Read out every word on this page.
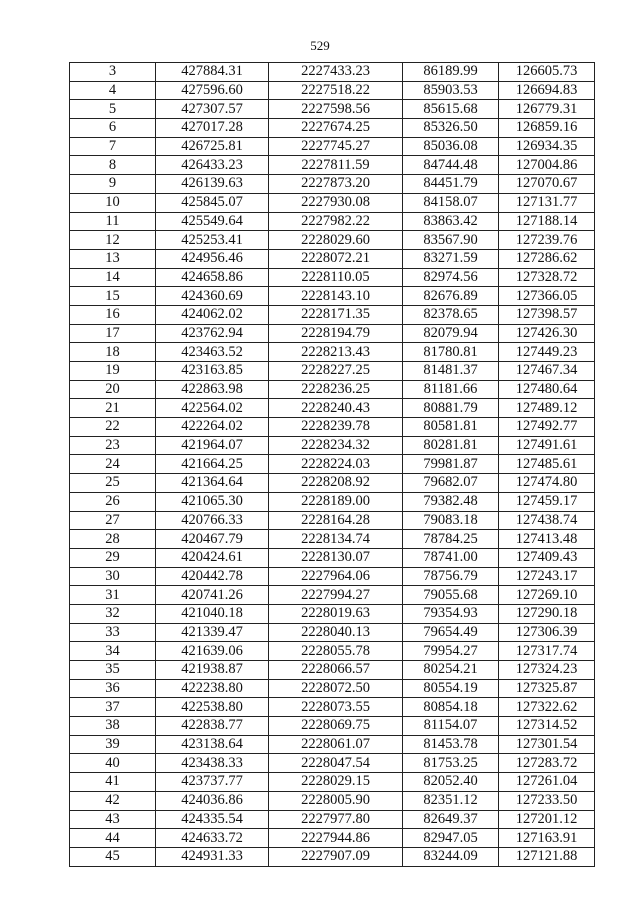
529
3	427884.31	2227433.23	86189.99	126605.73
4	427596.60	2227518.22	85903.53	126694.83
5	427307.57	2227598.56	85615.68	126779.31
6	427017.28	2227674.25	85326.50	126859.16
7	426725.81	2227745.27	85036.08	126934.35
8	426433.23	2227811.59	84744.48	127004.86
9	426139.63	2227873.20	84451.79	127070.67
10	425845.07	2227930.08	84158.07	127131.77
11	425549.64	2227982.22	83863.42	127188.14
12	425253.41	2228029.60	83567.90	127239.76
13	424956.46	2228072.21	83271.59	127286.62
14	424658.86	2228110.05	82974.56	127328.72
15	424360.69	2228143.10	82676.89	127366.05
16	424062.02	2228171.35	82378.65	127398.57
17	423762.94	2228194.79	82079.94	127426.30
18	423463.52	2228213.43	81780.81	127449.23
19	423163.85	2228227.25	81481.37	127467.34
20	422863.98	2228236.25	81181.66	127480.64
21	422564.02	2228240.43	80881.79	127489.12
22	422264.02	2228239.78	80581.81	127492.77
23	421964.07	2228234.32	80281.81	127491.61
24	421664.25	2228224.03	79981.87	127485.61
25	421364.64	2228208.92	79682.07	127474.80
26	421065.30	2228189.00	79382.48	127459.17
27	420766.33	2228164.28	79083.18	127438.74
28	420467.79	2228134.74	78784.25	127413.48
29	420424.61	2228130.07	78741.00	127409.43
30	420442.78	2227964.06	78756.79	127243.17
31	420741.26	2227994.27	79055.68	127269.10
32	421040.18	2228019.63	79354.93	127290.18
33	421339.47	2228040.13	79654.49	127306.39
34	421639.06	2228055.78	79954.27	127317.74
35	421938.87	2228066.57	80254.21	127324.23
36	422238.80	2228072.50	80554.19	127325.87
37	422538.80	2228073.55	80854.18	127322.62
38	422838.77	2228069.75	81154.07	127314.52
39	423138.64	2228061.07	81453.78	127301.54
40	423438.33	2228047.54	81753.25	127283.72
41	423737.77	2228029.15	82052.40	127261.04
42	424036.86	2228005.90	82351.12	127233.50
43	424335.54	2227977.80	82649.37	127201.12
44	424633.72	2227944.86	82947.05	127163.91
45	424931.33	2227907.09	83244.09	127121.88
